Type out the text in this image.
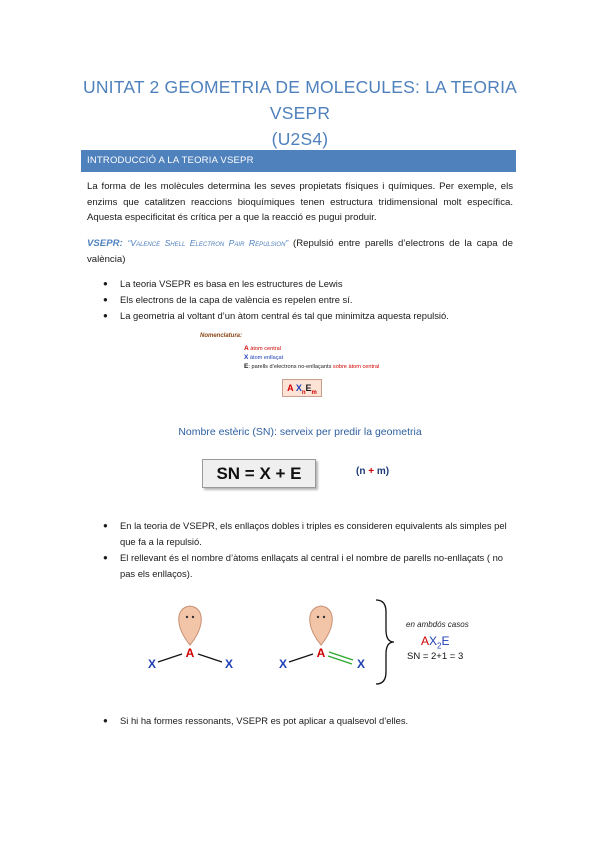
UNITAT 2 GEOMETRIA DE MOLECULES: LA TEORIA VSEPR
(U2S4)
INTRODUCCIÓ A LA TEORIA VSEPR
La forma de les molècules determina les seves propietats físiques i químiques. Per exemple, els enzims que catalitzen reaccions bioquímiques tenen estructura tridimensional molt específica. Aquesta especificitat és crítica per a que la reacció es pugui produir.
VSEPR: “Valence Shell Electron Pair Repulsion” (Repulsió entre parells d’electrons de la capa de valència)
● La teoria VSEPR es basa en les estructures de Lewis
● Els electrons de la capa de valència es repelen entre sí.
● La geometria al voltant d’un àtom central és tal que minimitza aquesta repulsió.
Nomenclatura:
A àtom central
X àtom enllaçat
E: parells d’electrons no-enllaçants sobre àtom central
A $X_nE_m$
Nombre estèric (SN): serveix per predir la geometria
SN = X + E	(n + m)
● En la teoria de VSEPR, els enllaços dobles i triples es consideren equivalents als simples pel que fa a la repulsió.
● El rellevant és el nombre d’àtoms enllaçats al central i el nombre de parells no-enllaçats ( no pas els enllaços).
A
X	X
A
X	X
en ambdós casos
$AX_2E$
SN = 2+1 = 3
● Si hi ha formes ressonants, VSEPR es pot aplicar a qualsevol d’elles.
